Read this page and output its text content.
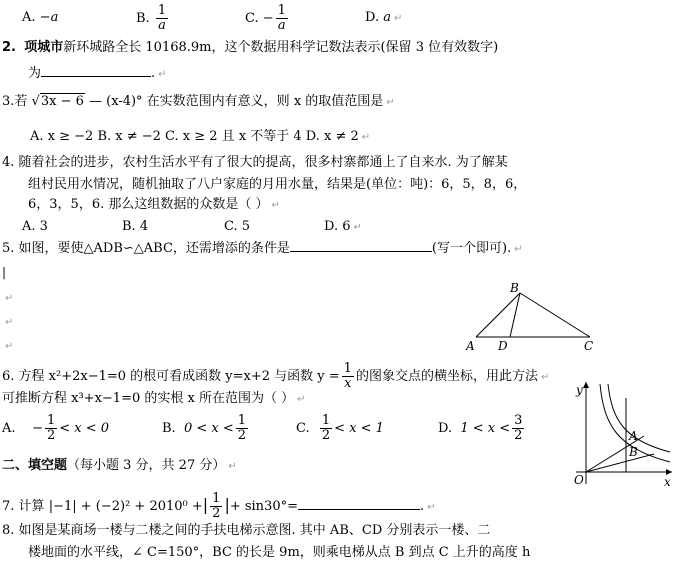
A. −a	B. $\frac{1}{a}$	C. − $\frac{1}{a}$	D. a ↵
2. 项城市新环城路全长 10168.9m，这个数据用科学记数法表示(保留 3 位有效数字)
为	. ↵
3.若 √3x − 6 — (x-4)° 在实数范围内有意义，则 x 的取值范围是 ↵
A. x ≥ −2 B. x ≠ −2 C. x ≥ 2 且 x 不等于 4 D. x ≠ 2 ↵
4. 随着社会的进步，农村生活水平有了很大的提高，很多村寨都通上了自来水. 为了解某
组村民用水情况，随机抽取了八户家庭的月用水量，结果是(单位：吨)：6，5，8，6，
6，3，5，6. 那么这组数据的众数是（ ） ↵
A. 3	B. 4	C. 5	D. 6 ↵
5. 如图，要使△ADB∽△ABC，还需增添的条件是	(写一个即可). ↵
|
↵
↵
↵
B
A D	C
6. 方程 x²+2x−1=0 的根可看成函数 y=x+2 与函数 $y = \frac{1}{x}$ 的图象交点的横坐标，用此方法 ↵
可推断方程 x³+x−1=0 的实根 x 所在范围为（ ） ↵
A. − $\frac{1}{2} < x < 0$	B. $0 < x < \frac{1}{2}$	C. $\frac{1}{2} < x < 1$	D. $1 < x < \frac{3}{2}$
y
x
O
A
B
二、填空题（每小题 3 分，共 27 分） ↵
7. 计算 |−1| + (−2)² + 2010⁰ +| $\frac{1}{2}$ |+ sin30°=	. ↵
8. 如图是某商场一楼与二楼之间的手扶电梯示意图. 其中 AB、CD 分别表示一楼、二
楼地面的水平线，∠ C=150°，BC 的长是 9m，则乘电梯从点 B 到点 C 上升的高度 h
